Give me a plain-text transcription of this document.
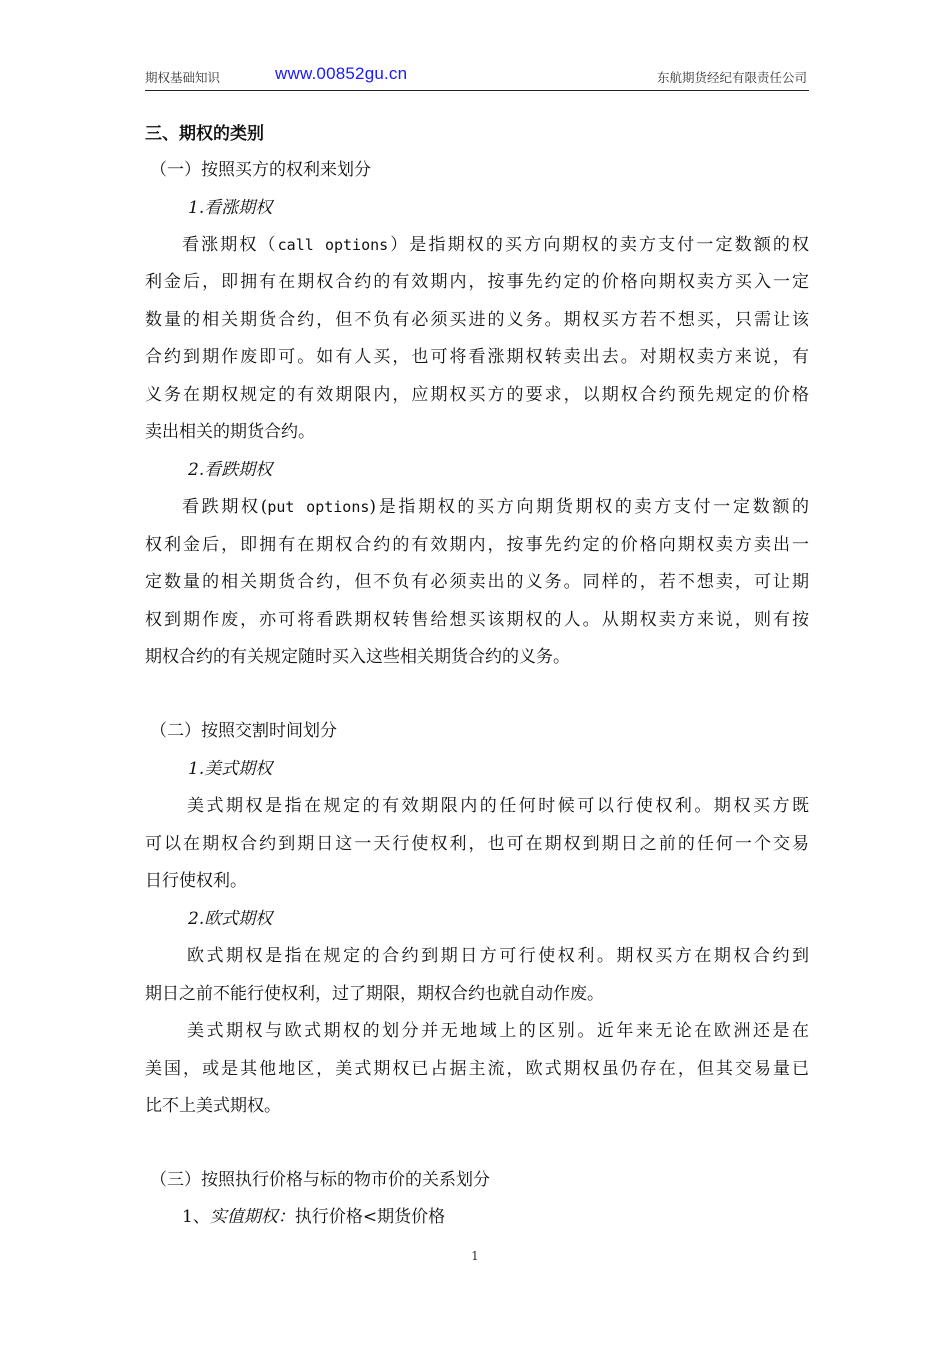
期权基础知识	www.00852gu.cn	东航期货经纪有限责任公司
三、期权的类别
（一）按照买方的权利来划分
1.看涨期权
看涨期权（call options）是指期权的买方向期权的卖方支付一定数额的权
利金后，即拥有在期权合约的有效期内，按事先约定的价格向期权卖方买入一定
数量的相关期货合约，但不负有必须买进的义务。期权买方若不想买，只需让该
合约到期作废即可。如有人买，也可将看涨期权转卖出去。对期权卖方来说，有
义务在期权规定的有效期限内，应期权买方的要求，以期权合约预先规定的价格
卖出相关的期货合约。
2.看跌期权
看跌期权(put options)是指期权的买方向期货期权的卖方支付一定数额的
权利金后，即拥有在期权合约的有效期内，按事先约定的价格向期权卖方卖出一
定数量的相关期货合约，但不负有必须卖出的义务。同样的，若不想卖，可让期
权到期作废，亦可将看跌期权转售给想买该期权的人。从期权卖方来说，则有按
期权合约的有关规定随时买入这些相关期货合约的义务。
（二）按照交割时间划分
1.美式期权
美式期权是指在规定的有效期限内的任何时候可以行使权利。期权买方既
可以在期权合约到期日这一天行使权利，也可在期权到期日之前的任何一个交易
日行使权利。
2.欧式期权
欧式期权是指在规定的合约到期日方可行使权利。期权买方在期权合约到
期日之前不能行使权利，过了期限，期权合约也就自动作废。
美式期权与欧式期权的划分并无地域上的区别。近年来无论在欧洲还是在
美国，或是其他地区，美式期权已占据主流，欧式期权虽仍存在，但其交易量已
比不上美式期权。
（三）按照执行价格与标的物市价的关系划分
1、实值期权：执行价格<期货价格
1
